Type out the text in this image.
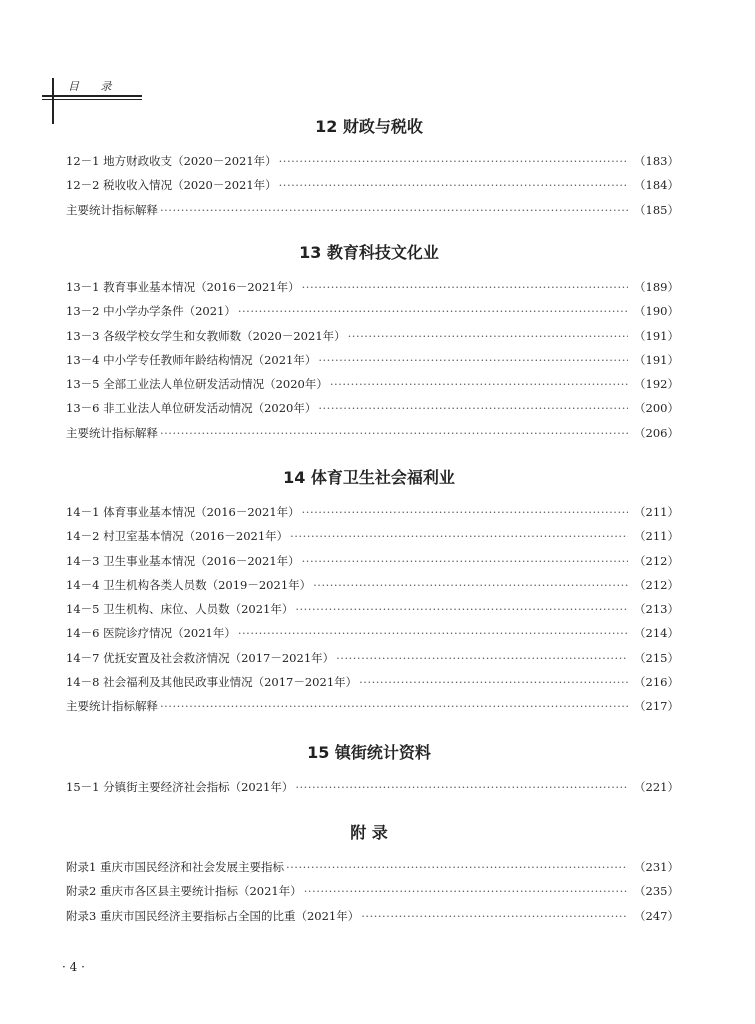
目 录
12 财政与税收
12－1 地方财政收支（2020－2021年） ·····	（183）
12－2 税收收入情况（2020－2021年） ·····	（184）
主要统计指标解释 ·····	（185）
13 教育科技文化业
13－1 教育事业基本情况（2016－2021年） ·····	（189）
13－2 中小学办学条件（2021） ·····	（190）
13－3 各级学校女学生和女教师数（2020－2021年） ·····	（191）
13－4 中小学专任教师年龄结构情况（2021年） ·····	（191）
13－5 全部工业法人单位研发活动情况（2020年） ·····	（192）
13－6 非工业法人单位研发活动情况（2020年） ·····	（200）
主要统计指标解释 ·····	（206）
14 体育卫生社会福利业
14－1 体育事业基本情况（2016－2021年） ·····	（211）
14－2 村卫室基本情况（2016－2021年） ·····	（211）
14－3 卫生事业基本情况（2016－2021年） ·····	（212）
14－4 卫生机构各类人员数（2019－2021年） ·····	（212）
14－5 卫生机构、床位、人员数（2021年） ·····	（213）
14－6 医院诊疗情况（2021年） ·····	（214）
14－7 优抚安置及社会救济情况（2017－2021年） ·····	（215）
14－8 社会福利及其他民政事业情况（2017－2021年） ·····	（216）
主要统计指标解释 ·····	（217）
15 镇街统计资料
15－1 分镇街主要经济社会指标（2021年） ·····	（221）
附 录
附录1 重庆市国民经济和社会发展主要指标 ·····	（231）
附录2 重庆市各区县主要统计指标（2021年） ·····	（235）
附录3 重庆市国民经济主要指标占全国的比重（2021年） ·····	（247）
· 4 ·
